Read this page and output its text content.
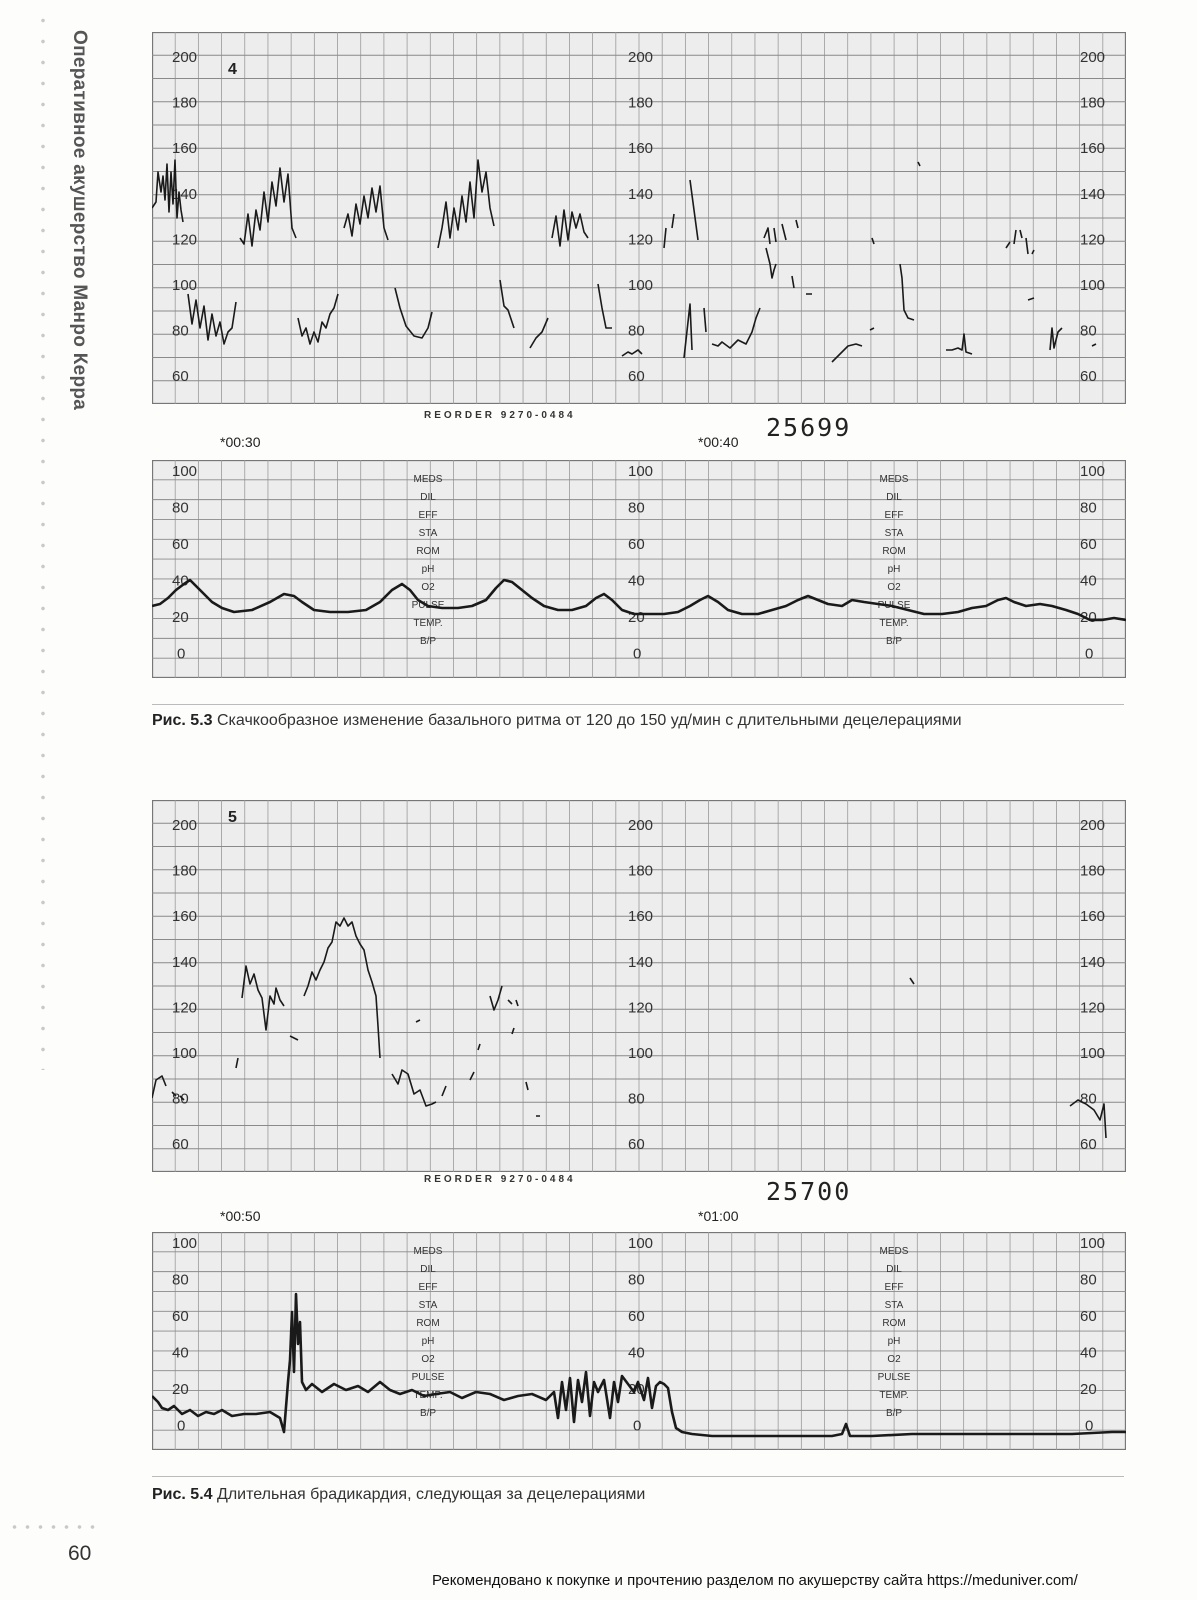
Оперативное акушерство Манро Керра	200
180
160
140
120
100
80
60
200
180
160
140
120
100
80
60
200
180
160
140
120
100
80
60
4
REORDER 9270-0484	25699
*00:30	*00:40
100
80
60
40
20
0
100
80
60
40
20
0
100
80
60
40
20
0
MEDS
DIL
EFF
STA
ROM
pH
O2
PULSE
TEMP.
B/P
MEDS
DIL
EFF
STA
ROM
pH
O2
PULSE
TEMP.
B/P
Рис. 5.3 Скачкообразное изменение базального ритма от 120 до 150 уд/мин с длительными децелерациями
200
180
160
140
120
100
80
60
200
180
160
140
120
100
80
60
200
180
160
140
120
100
80
60
5
REORDER 9270-0484	25700
*00:50	*01:00
100
80
60
40
20
0
100
80
60
40
20
0
100
80
60
40
20
0
MEDS
DIL
EFF
STA
ROM
pH
O2
PULSE
TEMP.
B/P
MEDS
DIL
EFF
STA
ROM
pH
O2
PULSE
TEMP.
B/P
Рис. 5.4 Длительная брадикардия, следующая за децелерациями
60
Рекомендовано к покупке и прочтению разделом по акушерству сайта https://meduniver.com/
